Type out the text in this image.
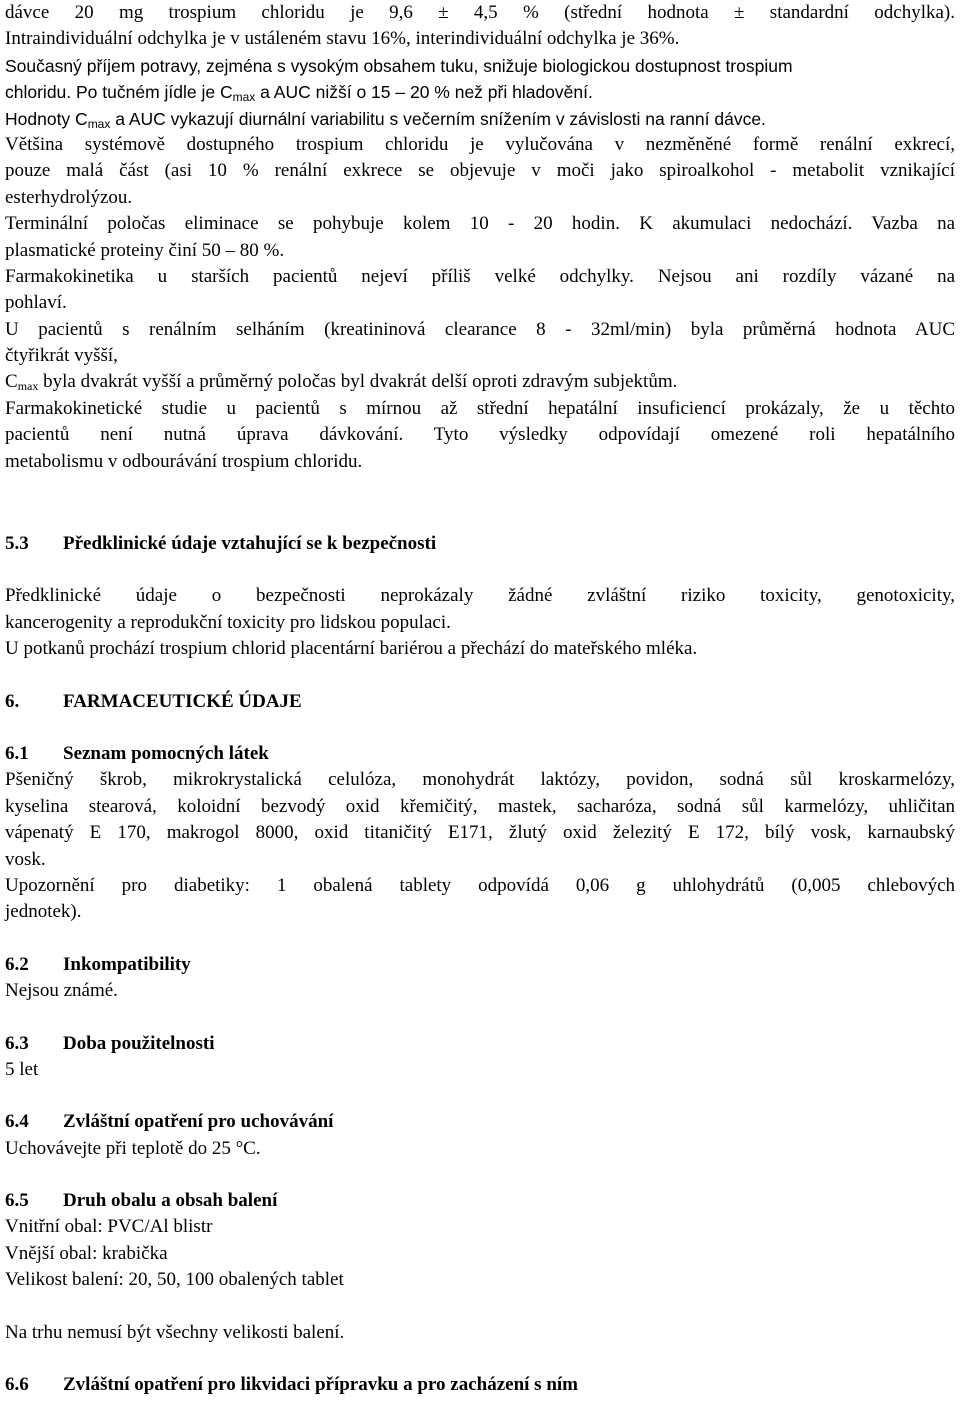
dávce 20 mg trospium chloridu je 9,6 ± 4,5 % (střední hodnota ± standardní odchylka).
Intraindividuální odchylka je v ustáleném stavu 16%, interindividuální odchylka je 36%.
Současný příjem potravy, zejména s vysokým obsahem tuku, snižuje biologickou dostupnost trospium
chloridu. Po tučném jídle je Cmax a AUC nižší o 15 – 20 % než při hladovění.
Hodnoty Cmax a AUC vykazují diurnální variabilitu s večerním snížením v závislosti na ranní dávce.
Většina systémově dostupného trospium chloridu je vylučována v nezměněné formě renální exkrecí,
pouze malá část (asi 10 % renální exkrece se objevuje v moči jako spiroalkohol - metabolit vznikající
esterhydrolýzou.
Terminální poločas eliminace se pohybuje kolem 10 - 20 hodin. K akumulaci nedochází. Vazba na
plasmatické proteiny činí 50 – 80 %.
Farmakokinetika u starších pacientů nejeví příliš velké odchylky. Nejsou ani rozdíly vázané na
pohlaví.
U pacientů s renálním selháním (kreatininová clearance 8 - 32ml/min) byla průměrná hodnota AUC
čtyřikrát vyšší,
Cmax byla dvakrát vyšší a průměrný poločas byl dvakrát delší oproti zdravým subjektům.
Farmakokinetické studie u pacientů s mírnou až střední hepatální insuficiencí prokázaly, že u těchto
pacientů není nutná úprava dávkování. Tyto výsledky odpovídají omezené roli hepatálního
metabolismu v odbourávání trospium chloridu.
5.3 Předklinické údaje vztahující se k bezpečnosti
Předklinické údaje o bezpečnosti neprokázaly žádné zvláštní riziko toxicity, genotoxicity,
kancerogenity a reprodukční toxicity pro lidskou populaci.
U potkanů prochází trospium chlorid placentární bariérou a přechází do mateřského mléka.
6. FARMACEUTICKÉ ÚDAJE
6.1 Seznam pomocných látek
Pšeničný škrob, mikrokrystalická celulóza, monohydrát laktózy, povidon, sodná sůl kroskarmelózy,
kyselina stearová, koloidní bezvodý oxid křemičitý, mastek, sacharóza, sodná sůl karmelózy, uhličitan
vápenatý E 170, makrogol 8000, oxid titaničitý E171, žlutý oxid železitý E 172, bílý vosk, karnaubský
vosk.
Upozornění pro diabetiky: 1 obalená tablety odpovídá 0,06 g uhlohydrátů (0,005 chlebových
jednotek).
6.2 Inkompatibility
Nejsou známé.
6.3 Doba použitelnosti
5 let
6.4 Zvláštní opatření pro uchovávání
Uchovávejte při teplotě do 25 °C.
6.5 Druh obalu a obsah balení
Vnitřní obal: PVC/Al blistr
Vnější obal: krabička
Velikost balení: 20, 50, 100 obalených tablet
Na trhu nemusí být všechny velikosti balení.
6.6 Zvláštní opatření pro likvidaci přípravku a pro zacházení s ním
